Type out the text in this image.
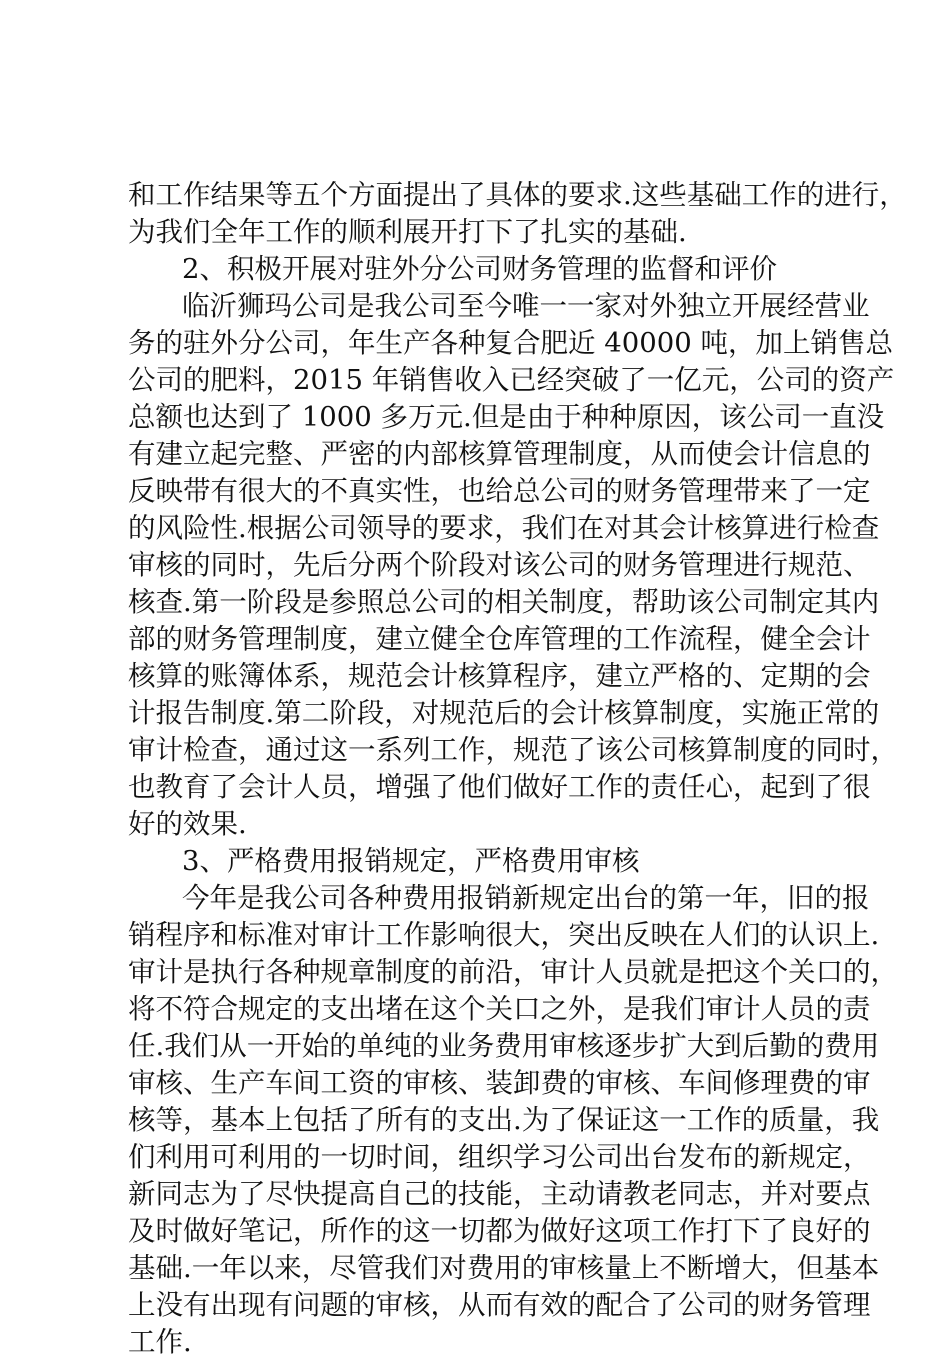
和工作结果等五个方面提出了具体的要求.这些基础工作的进行，
为我们全年工作的顺利展开打下了扎实的基础.
2、积极开展对驻外分公司财务管理的监督和评价
临沂狮玛公司是我公司至今唯一一家对外独立开展经营业
务的驻外分公司，年生产各种复合肥近 40000 吨，加上销售总
公司的肥料，2015 年销售收入已经突破了一亿元，公司的资产
总额也达到了 1000 多万元.但是由于种种原因，该公司一直没
有建立起完整、严密的内部核算管理制度，从而使会计信息的
反映带有很大的不真实性，也给总公司的财务管理带来了一定
的风险性.根据公司领导的要求，我们在对其会计核算进行检查
审核的同时，先后分两个阶段对该公司的财务管理进行规范、
核查.第一阶段是参照总公司的相关制度，帮助该公司制定其内
部的财务管理制度，建立健全仓库管理的工作流程，健全会计
核算的账簿体系，规范会计核算程序，建立严格的、定期的会
计报告制度.第二阶段，对规范后的会计核算制度，实施正常的
审计检查，通过这一系列工作，规范了该公司核算制度的同时，
也教育了会计人员，增强了他们做好工作的责任心，起到了很
好的效果.
3、严格费用报销规定，严格费用审核
今年是我公司各种费用报销新规定出台的第一年，旧的报
销程序和标准对审计工作影响很大，突出反映在人们的认识上.
审计是执行各种规章制度的前沿，审计人员就是把这个关口的，
将不符合规定的支出堵在这个关口之外，是我们审计人员的责
任.我们从一开始的单纯的业务费用审核逐步扩大到后勤的费用
审核、生产车间工资的审核、装卸费的审核、车间修理费的审
核等，基本上包括了所有的支出.为了保证这一工作的质量，我
们利用可利用的一切时间，组织学习公司出台发布的新规定，
新同志为了尽快提高自己的技能，主动请教老同志，并对要点
及时做好笔记，所作的这一切都为做好这项工作打下了良好的
基础.一年以来，尽管我们对费用的审核量上不断增大，但基本
上没有出现有问题的审核，从而有效的配合了公司的财务管理
工作.
